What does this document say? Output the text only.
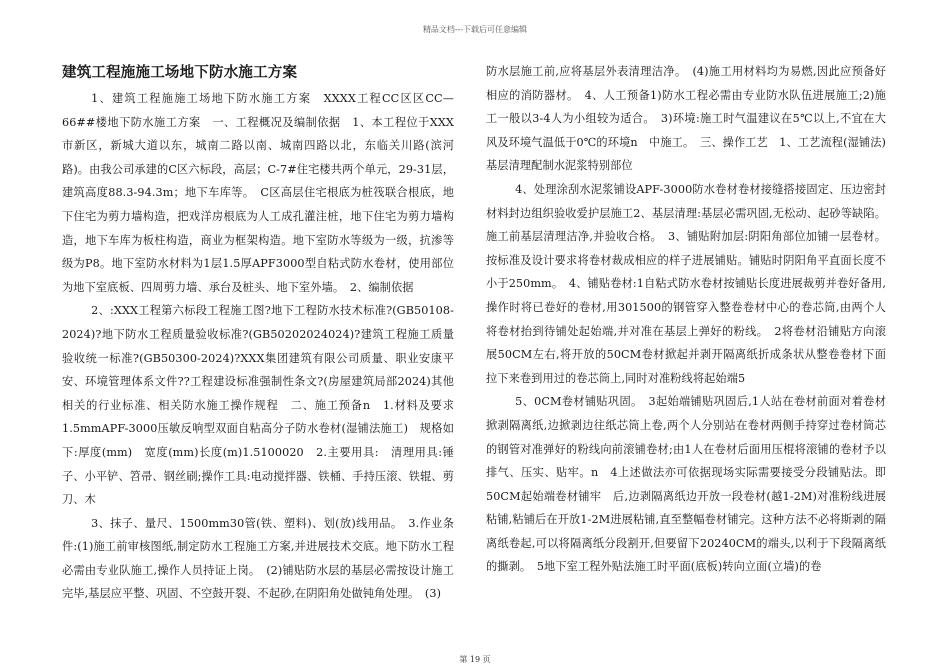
精品文档---下载后可任意编辑
建筑工程施施工场地下防水施工方案

1、建筑工程施施工场地下防水施工方案　XXXX工程CC区区CC—66##楼地下防水施工方案　一、工程概况及编制依据　1、本工程位于XXX市新区，新城大道以东，城南二路以南、城南四路以北，东临关川路(滨河路)。由我公司承建的C区六标段，高层；C-7#住宅楼共两个单元，29-31层，建筑高度88.3-94.3m；地下车库等。　C区高层住宅根底为桩筏联合根底，地下住宅为剪力墙构造，把戏洋房根底为人工成孔灌注桩，地下住宅为剪力墙构造，地下车库为板柱构造，商业为框架构造。地下室防水等级为一级，抗渗等级为P8。地下室防水材料为1层1.5厚APF3000型自粘式防水卷材，使用部位为地下室底板、四周剪力墙、承台及桩头、地下室外墙。　2、编制依据

2、:XXX工程第六标段工程施工图?地下工程防水技术标准?(GB50108-2024)?地下防水工程质量验收标准?(GB50202024024)?建筑工程施工质量验收统一标准?(GB50300-2024)?XXX集团建筑有限公司质量、职业安康平安、环境管理体系文件??工程建设标准强制性条文?(房屋建筑局部2024)其他相关的行业标准、相关防水施工操作规程　二、施工预备n　1.材料及要求　1.5mmAPF-3000压敏反响型双面自粘高分子防水卷材(湿铺法施工)　规格如下:厚度(mm)　宽度(mm)长度(m)1.5100020　2.主要用具:　清理用具:锤子、小平铲、笤帚、钢丝刷;操作工具:电动搅拌器、铁桶、手持压滚、铁辊、剪刀、木

3、抹子、量尺、1500mm30管(铁、塑料)、划(放)线用品。　3.作业条件:(1)施工前审核图纸,制定防水工程施工方案,并进展技术交底。地下防水工程必需由专业队施工,操作人员持证上岗。　(2)铺贴防水层的基层必需按设计施工完毕,基层应平整、巩固、不空鼓开裂、不起砂,在阴阳角处做钝角处理。　(3)

防水层施工前,应将基层外表清理洁净。　(4)施工用材料均为易燃,因此应预备好相应的消防器材。　4、人工预备1)防水工程必需由专业防水队伍进展施工;2)施工一般以3-4人为小组较为适合。　3)环境:施工时气温建议在5℃以上,不宜在大风及环境气温低于0℃的环境n　中施工。　三、操作工艺　1、工艺流程(湿铺法)基层清理配制水泥浆特别部位

4、处理涂刮水泥浆铺设APF-3000防水卷材卷材接缝搭接固定、压边密封材料封边组织验收爱护层施工2、基层清理:基层必需巩固,无松动、起砂等缺陷。施工前基层清理洁净,并验收合格。　3、铺贴附加层:阴阳角部位加铺一层卷材。按标准及设计要求将卷材裁成相应的样子进展铺贴。铺贴时阴阳角平直面长度不小于250mm。　4、铺贴卷材:1自粘式防水卷材按铺贴长度进展裁剪并卷好备用,操作时将已卷好的卷材,用301500的钢管穿入整卷卷材中心的卷芯筒,由两个人将卷材抬到待铺处起始端,并对准在基层上弹好的粉线。　2将卷材沿铺贴方向滚展50CM左右,将开放的50CM卷材掀起并剥开隔离纸折成条状从整卷卷材下面拉下来卷到用过的卷芯筒上,同时对准粉线将起始端5

5、0CM卷材铺贴巩固。　3起始端铺贴巩固后,1人站在卷材前面对着卷材掀剥隔离纸,边掀剥边往纸芯筒上卷,两个人分别站在卷材两侧手持穿过卷材筒芯的钢管对准弹好的粉线向前滚铺卷材;由1人在卷材后面用压棍将滚铺的卷材予以排气、压实、贴牢。n　4上述做法亦可依据现场实际需要接受分段铺贴法。即50CM起始端卷材铺牢　后,边剥隔离纸边开放一段卷材(越1-2M)对准粉线进展粘铺,粘铺后在开放1-2M进展粘铺,直至整幅卷材铺完。这种方法不必将斯剥的隔离纸卷起,可以将隔离纸分段割开,但要留下20240CM的端头,以利于下段隔离纸的撕剥。　5地下室工程外贴法施工时平面(底板)转向立面(立墙)的卷

第 19 页
